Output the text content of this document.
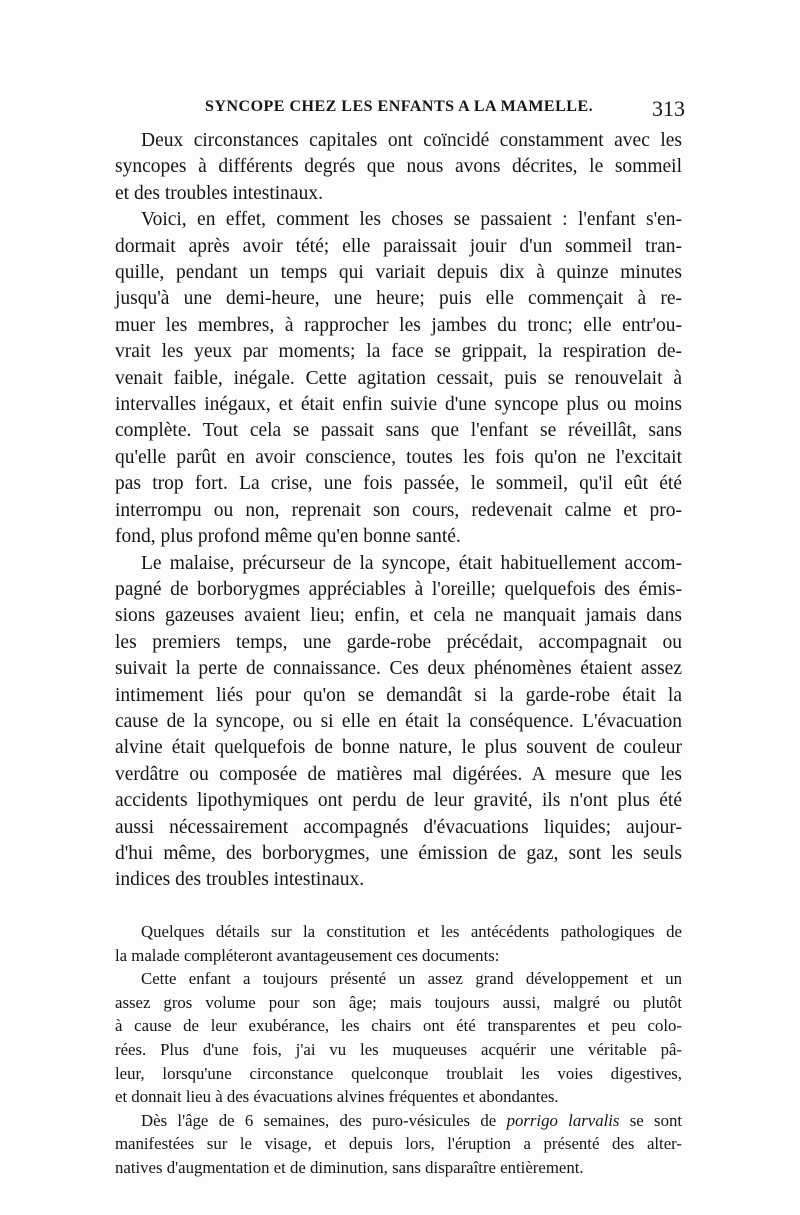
SYNCOPE CHEZ LES ENFANTS A LA MAMELLE.	313
Deux circonstances capitales ont coïncidé constamment avec les
syncopes à différents degrés que nous avons décrites, le sommeil
et des troubles intestinaux.
Voici, en effet, comment les choses se passaient : l'enfant s'en-
dormait après avoir tété; elle paraissait jouir d'un sommeil tran-
quille, pendant un temps qui variait depuis dix à quinze minutes
jusqu'à une demi-heure, une heure; puis elle commençait à re-
muer les membres, à rapprocher les jambes du tronc; elle entr'ou-
vrait les yeux par moments; la face se grippait, la respiration de-
venait faible, inégale. Cette agitation cessait, puis se renouvelait à
intervalles inégaux, et était enfin suivie d'une syncope plus ou moins
complète. Tout cela se passait sans que l'enfant se réveillât, sans
qu'elle parût en avoir conscience, toutes les fois qu'on ne l'excitait
pas trop fort. La crise, une fois passée, le sommeil, qu'il eût été
interrompu ou non, reprenait son cours, redevenait calme et pro-
fond, plus profond même qu'en bonne santé.
Le malaise, précurseur de la syncope, était habituellement accom-
pagné de borborygmes appréciables à l'oreille; quelquefois des émis-
sions gazeuses avaient lieu; enfin, et cela ne manquait jamais dans
les premiers temps, une garde-robe précédait, accompagnait ou
suivait la perte de connaissance. Ces deux phénomènes étaient assez
intimement liés pour qu'on se demandât si la garde-robe était la
cause de la syncope, ou si elle en était la conséquence. L'évacuation
alvine était quelquefois de bonne nature, le plus souvent de couleur
verdâtre ou composée de matières mal digérées. A mesure que les
accidents lipothymiques ont perdu de leur gravité, ils n'ont plus été
aussi nécessairement accompagnés d'évacuations liquides; aujour-
d'hui même, des borborygmes, une émission de gaz, sont les seuls
indices des troubles intestinaux.
Quelques détails sur la constitution et les antécédents pathologiques de
la malade compléteront avantageusement ces documents:
Cette enfant a toujours présenté un assez grand développement et un
assez gros volume pour son âge; mais toujours aussi, malgré ou plutôt
à cause de leur exubérance, les chairs ont été transparentes et peu colo-
rées. Plus d'une fois, j'ai vu les muqueuses acquérir une véritable pâ-
leur, lorsqu'une circonstance quelconque troublait les voies digestives,
et donnait lieu à des évacuations alvines fréquentes et abondantes.
Dès l'âge de 6 semaines, des puro-vésicules de porrigo larvalis se sont
manifestées sur le visage, et depuis lors, l'éruption a présenté des alter-
natives d'augmentation et de diminution, sans disparaître entièrement.
